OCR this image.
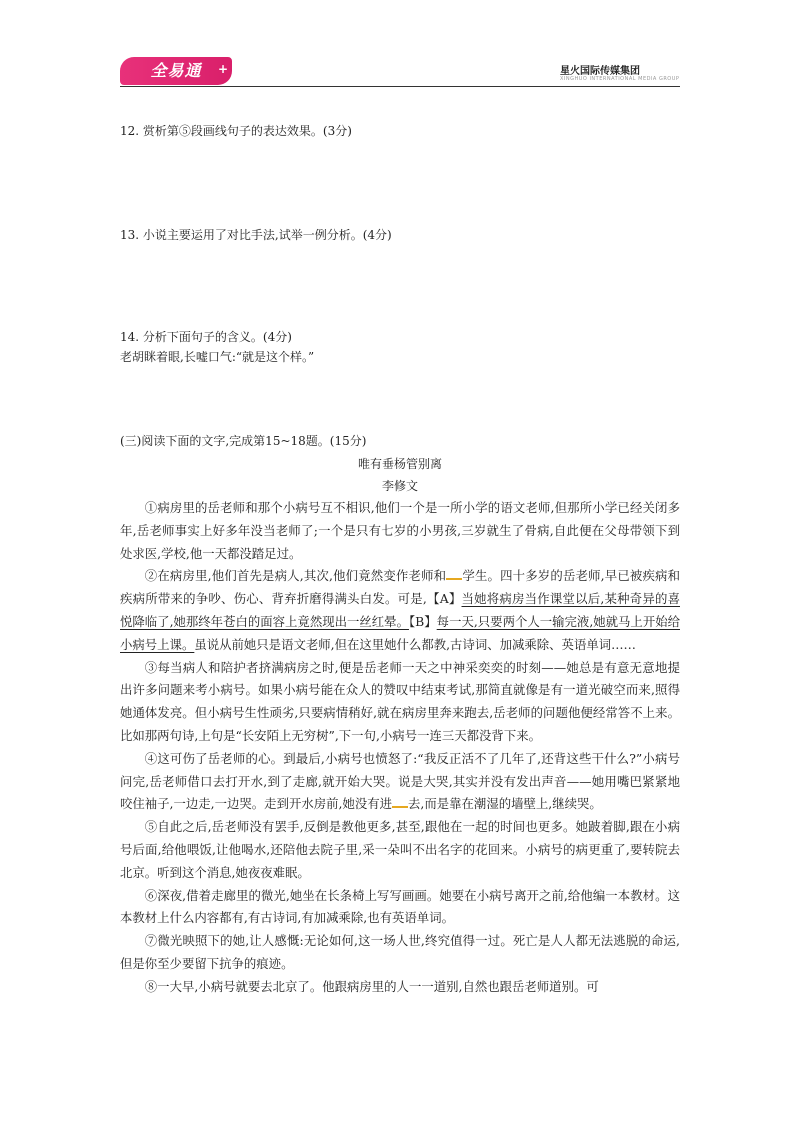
全易通 +	星火国际传媒集团
XINGHUO INTERNATIONAL MEDIA GROUP
12. 赏析第⑤段画线句子的表达效果。(3分)
13. 小说主要运用了对比手法,试举一例分析。(4分)
14. 分析下面句子的含义。(4分)
老胡眯着眼,长嘘口气:“就是这个样。”
(三)阅读下面的文字,完成第15~18题。(15分)
唯有垂杨管别离
李修文

①病房里的岳老师和那个小病号互不相识,他们一个是一所小学的语文老师,但那所小学已经关闭多年,岳老师事实上好多年没当老师了;一个是只有七岁的小男孩,三岁就生了骨病,自此便在父母带领下到处求医,学校,他一天都没踏足过。

②在病房里,他们首先是病人,其次,他们竟然变作老师和 学生。四十多岁的岳老师,早已被疾病和疾病所带来的争吵、伤心、背弃折磨得满头白发。可是,【A】当她将病房当作课堂以后,某种奇异的喜悦降临了,她那终年苍白的面容上竟然现出一丝红晕。【B】每一天,只要两个人一输完液,她就马上开始给小病号上课。虽说从前她只是语文老师,但在这里她什么都教,古诗词、加减乘除、英语单词……

③每当病人和陪护者挤满病房之时,便是岳老师一天之中神采奕奕的时刻——她总是有意无意地提出许多问题来考小病号。如果小病号能在众人的赞叹中结束考试,那简直就像是有一道光破空而来,照得她通体发亮。但小病号生性顽劣,只要病情稍好,就在病房里奔来跑去,岳老师的问题他便经常答不上来。比如那两句诗,上句是“长安陌上无穷树”,下一句,小病号一连三天都没背下来。

④这可伤了岳老师的心。到最后,小病号也愤怒了:“我反正活不了几年了,还背这些干什么?”小病号问完,岳老师借口去打开水,到了走廊,就开始大哭。说是大哭,其实并没有发出声音——她用嘴巴紧紧地咬住袖子,一边走,一边哭。走到开水房前,她没有进 去,而是靠在潮湿的墙壁上,继续哭。

⑤自此之后,岳老师没有罢手,反倒是教他更多,甚至,跟他在一起的时间也更多。她跛着脚,跟在小病号后面,给他喂饭,让他喝水,还陪他去院子里,采一朵叫不出名字的花回来。小病号的病更重了,要转院去北京。听到这个消息,她夜夜难眠。

⑥深夜,借着走廊里的微光,她坐在长条椅上写写画画。她要在小病号离开之前,给他编一本教材。这本教材上什么内容都有,有古诗词,有加减乘除,也有英语单词。

⑦微光映照下的她,让人感慨:无论如何,这一场人世,终究值得一过。死亡是人人都无法逃脱的命运,但是你至少要留下抗争的痕迹。

⑧一大早,小病号就要去北京了。他跟病房里的人一一道别,自然也跟岳老师道别。可
